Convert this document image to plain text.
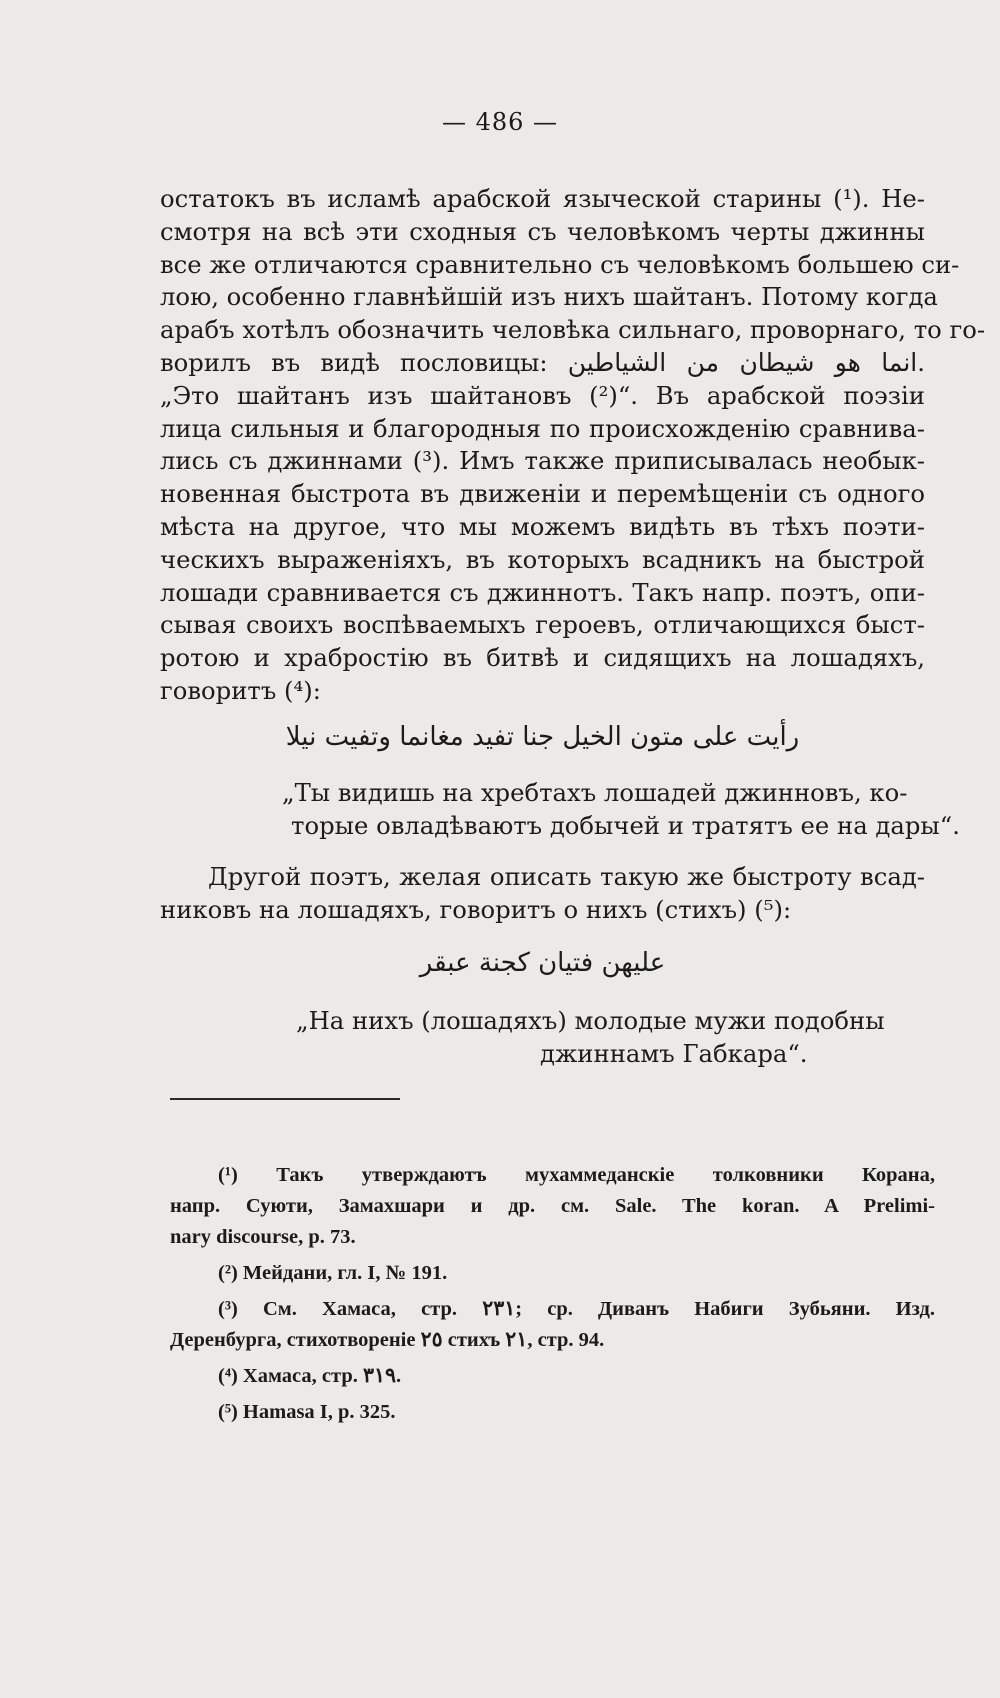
— 486 —
остатокъ въ исламѣ арабской языческой старины (¹). Не-
смотря на всѣ эти сходныя съ человѣкомъ черты джинны
все же отличаются сравнительно съ человѣкомъ большею си-
лою, особенно главнѣйшiй изъ нихъ шайтанъ. Потому когда
арабъ хотѣлъ обозначить человѣка сильнаго, проворнаго, то го-
ворилъ въ видѣ пословицы: انما هو شيطان من الشياطين.
„Это шайтанъ изъ шайтановъ (²)“. Въ арабской поэзiи
лица сильныя и благородныя по происхожденiю сравнива-
лись съ джиннами (³). Имъ также приписывалась необык-
новенная быстрота въ движенiи и перемѣщенiи съ одного
мѣста на другое, что мы можемъ видѣть въ тѣхъ поэти-
ческихъ выраженiяхъ, въ которыхъ всадникъ на быстрой
лошади сравнивается съ джиннотъ. Такъ напр. поэтъ, опи-
сывая своихъ воспѣваемыхъ героевъ, отличающихся быст-
ротою и храбростiю въ битвѣ и сидящихъ на лошадяхъ,
говоритъ (⁴):
رأيت على متون الخيل جنا تفيد مغانما وتفيت نيلا
„Ты видишь на хребтахъ лошадей джинновъ, ко-
торые овладѣваютъ добычей и тратятъ ее на дары“.
Другой поэтъ, желая описать такую же быстроту всад-
никовъ на лошадяхъ, говоритъ о нихъ (стихъ) (⁵):
عليهن فتيان كجنة عبقر
„На нихъ (лошадяхъ) молодые мужи подобны
джиннамъ Габкара“.
(¹) Такъ утверждаютъ мухаммеданскiе толковники Корана,
напр. Суюти, Замахшари и др. см. Sale. The koran. A Prelimi-
nary discourse, p. 73.
(²) Мейдани, гл. I, № 191.
(³) См. Хамаса, стр. ٢٣١; ср. Диванъ Набиги Зубьяни. Изд.
Деренбурга, стихотворенiе ٢٥ стихъ ٢١, стр. 94.
(⁴) Хамаса, стр. ٣١٩.
(⁵) Hamasa I, p. 325.
